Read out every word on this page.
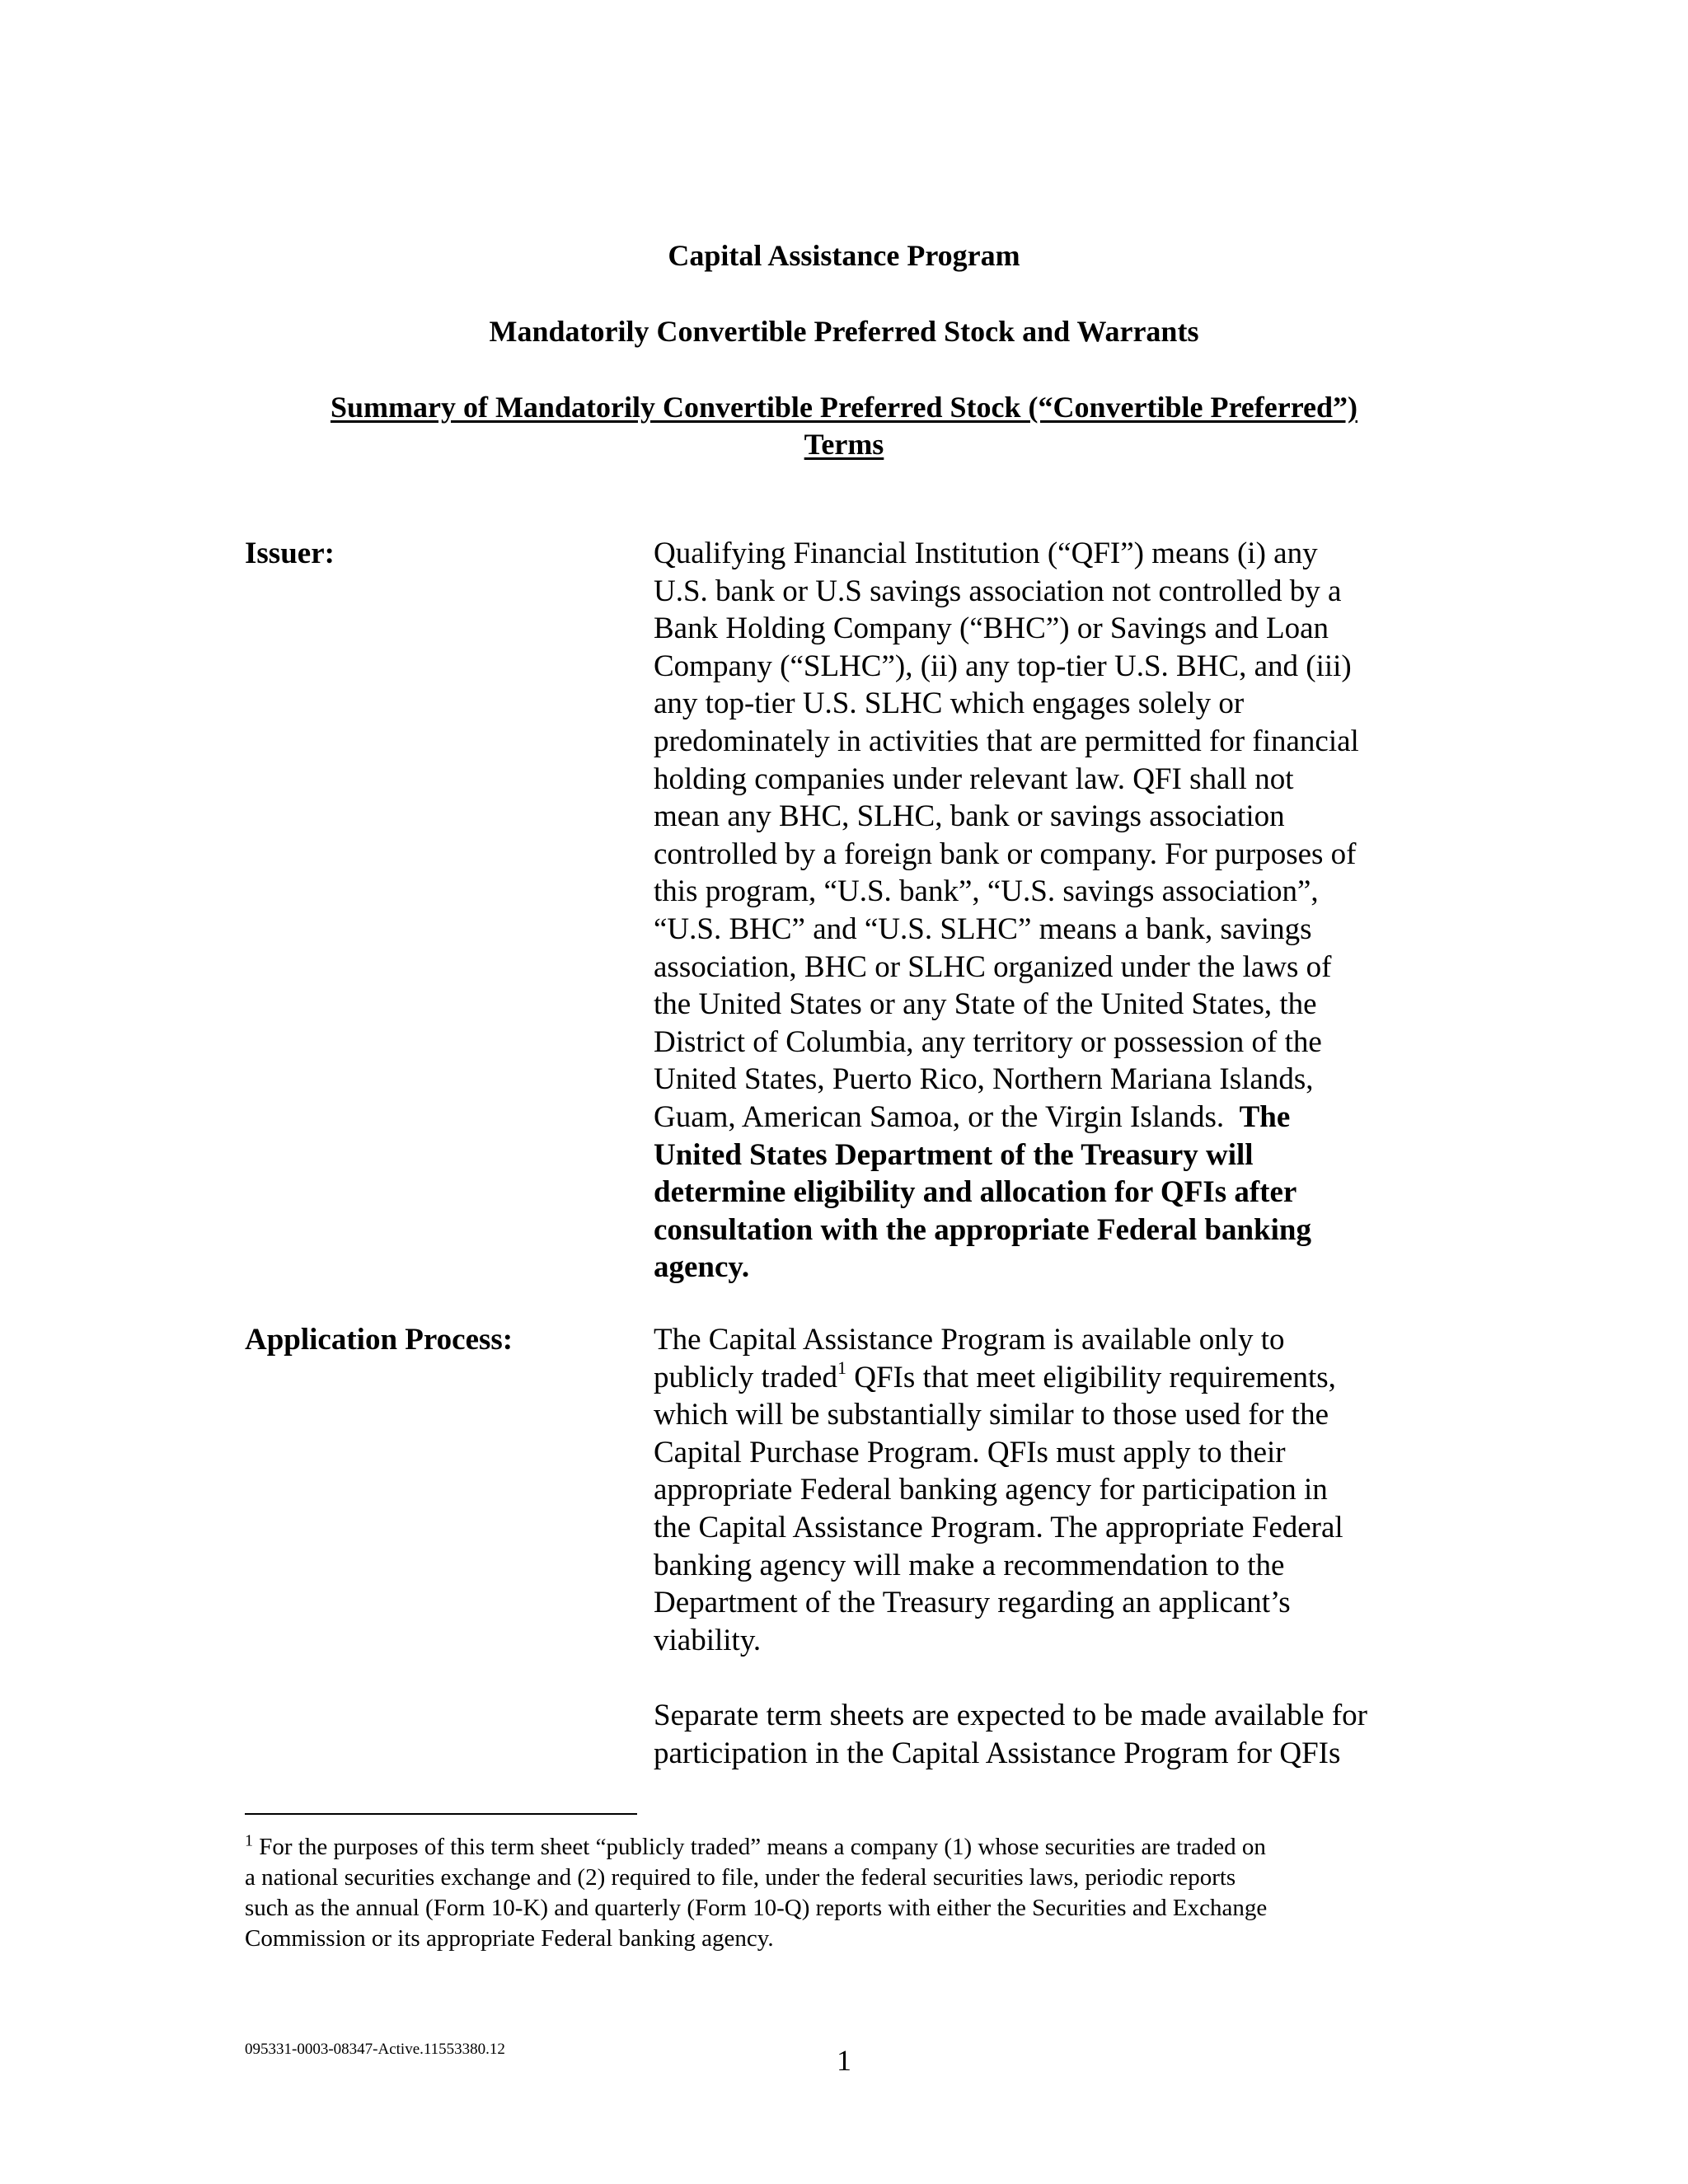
Capital Assistance Program
Mandatorily Convertible Preferred Stock and Warrants
Summary of Mandatorily Convertible Preferred Stock (“Convertible Preferred”)
Terms
Issuer:	Qualifying Financial Institution (“QFI”) means (i) any
U.S. bank or U.S savings association not controlled by a
Bank Holding Company (“BHC”) or Savings and Loan
Company (“SLHC”), (ii) any top-tier U.S. BHC, and (iii)
any top-tier U.S. SLHC which engages solely or
predominately in activities that are permitted for financial
holding companies under relevant law. QFI shall not
mean any BHC, SLHC, bank or savings association
controlled by a foreign bank or company. For purposes of
this program, “U.S. bank”, “U.S. savings association”,
“U.S. BHC” and “U.S. SLHC” means a bank, savings
association, BHC or SLHC organized under the laws of
the United States or any State of the United States, the
District of Columbia, any territory or possession of the
United States, Puerto Rico, Northern Mariana Islands,
Guam, American Samoa, or the Virgin Islands.  The
United States Department of the Treasury will
determine eligibility and allocation for QFIs after
consultation with the appropriate Federal banking
agency.
Application Process:	The Capital Assistance Program is available only to
publicly traded$^1$ QFIs that meet eligibility requirements,
which will be substantially similar to those used for the
Capital Purchase Program. QFIs must apply to their
appropriate Federal banking agency for participation in
the Capital Assistance Program. The appropriate Federal
banking agency will make a recommendation to the
Department of the Treasury regarding an applicant’s
viability.
Separate term sheets are expected to be made available for
participation in the Capital Assistance Program for QFIs
$^1$ For the purposes of this term sheet “publicly traded” means a company (1) whose securities are traded on
a national securities exchange and (2) required to file, under the federal securities laws, periodic reports
such as the annual (Form 10-K) and quarterly (Form 10-Q) reports with either the Securities and Exchange
Commission or its appropriate Federal banking agency.
095331-0003-08347-Active.11553380.12	1
